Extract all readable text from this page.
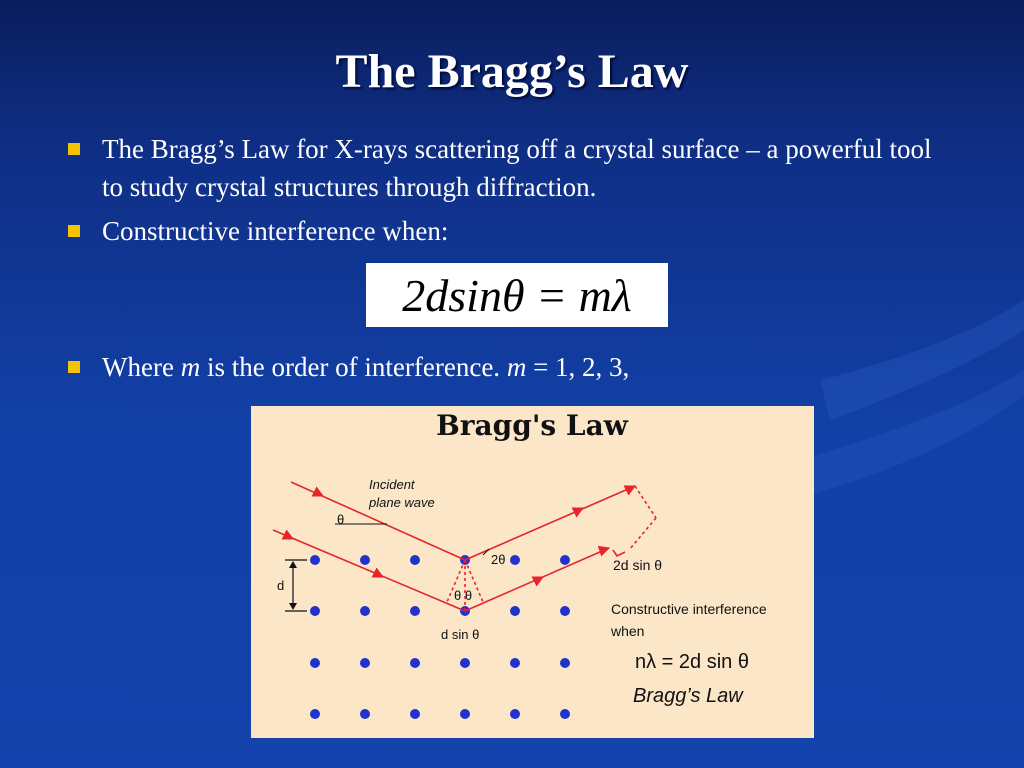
The Bragg’s Law
The Bragg’s Law for X-rays scattering off a crystal surface – a powerful tool to study crystal structures through diffraction.
Constructive interference when:
2dsinθ = mλ
Where m is the order of interference. m = 1, 2, 3,
Bragg's Law
Incident
plane wave
θ
2θ
d
θ θ
d sin θ
2d sin θ
Constructive interference
when
nλ = 2d sin θ
Bragg’s Law
